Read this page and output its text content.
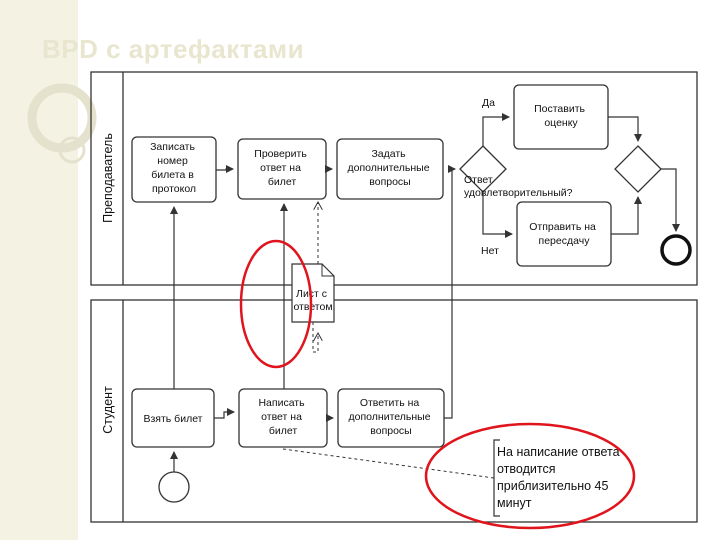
Преподаватель
Студент
Записать номер билета в протокол
Проверить ответ на билет
Задать дополнительные вопросы
Поставить оценку
Отправить на пересдачу
Ответ удовлетворительный?
Да
Нет
Взять билет
Написать ответ на билет
Ответить на дополнительные вопросы
Лист с ответом
На написание ответа отводится приблизительно 45 минут
BPD с артефактами
